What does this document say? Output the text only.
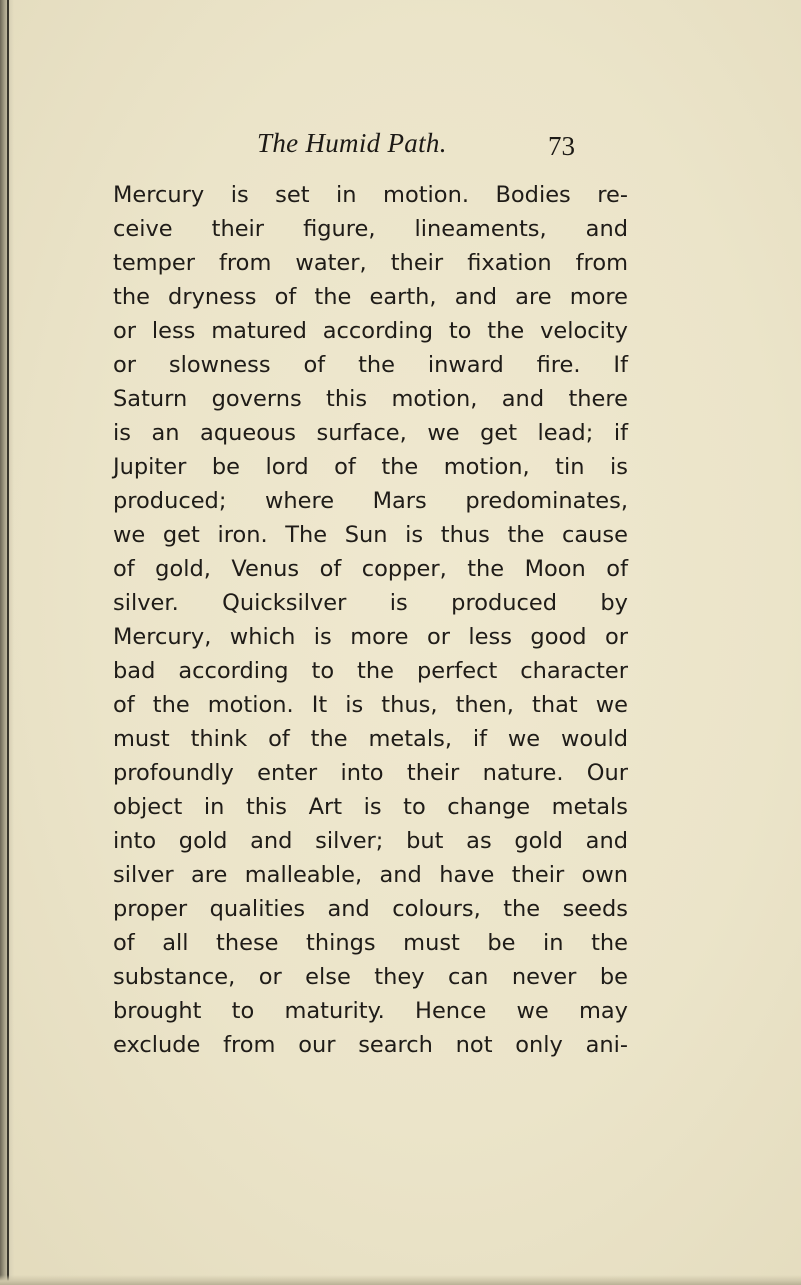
The Humid Path.	73
Mercury is set in motion. Bodies re-
ceive their figure, lineaments, and
temper from water, their fixation from
the dryness of the earth, and are more
or less matured according to the velocity
or slowness of the inward fire. If
Saturn governs this motion, and there
is an aqueous surface, we get lead; if
Jupiter be lord of the motion, tin is
produced; where Mars predominates,
we get iron. The Sun is thus the cause
of gold, Venus of copper, the Moon of
silver. Quicksilver is produced by
Mercury, which is more or less good or
bad according to the perfect character
of the motion. It is thus, then, that we
must think of the metals, if we would
profoundly enter into their nature. Our
object in this Art is to change metals
into gold and silver; but as gold and
silver are malleable, and have their own
proper qualities and colours, the seeds
of all these things must be in the
substance, or else they can never be
brought to maturity. Hence we may
exclude from our search not only ani-
